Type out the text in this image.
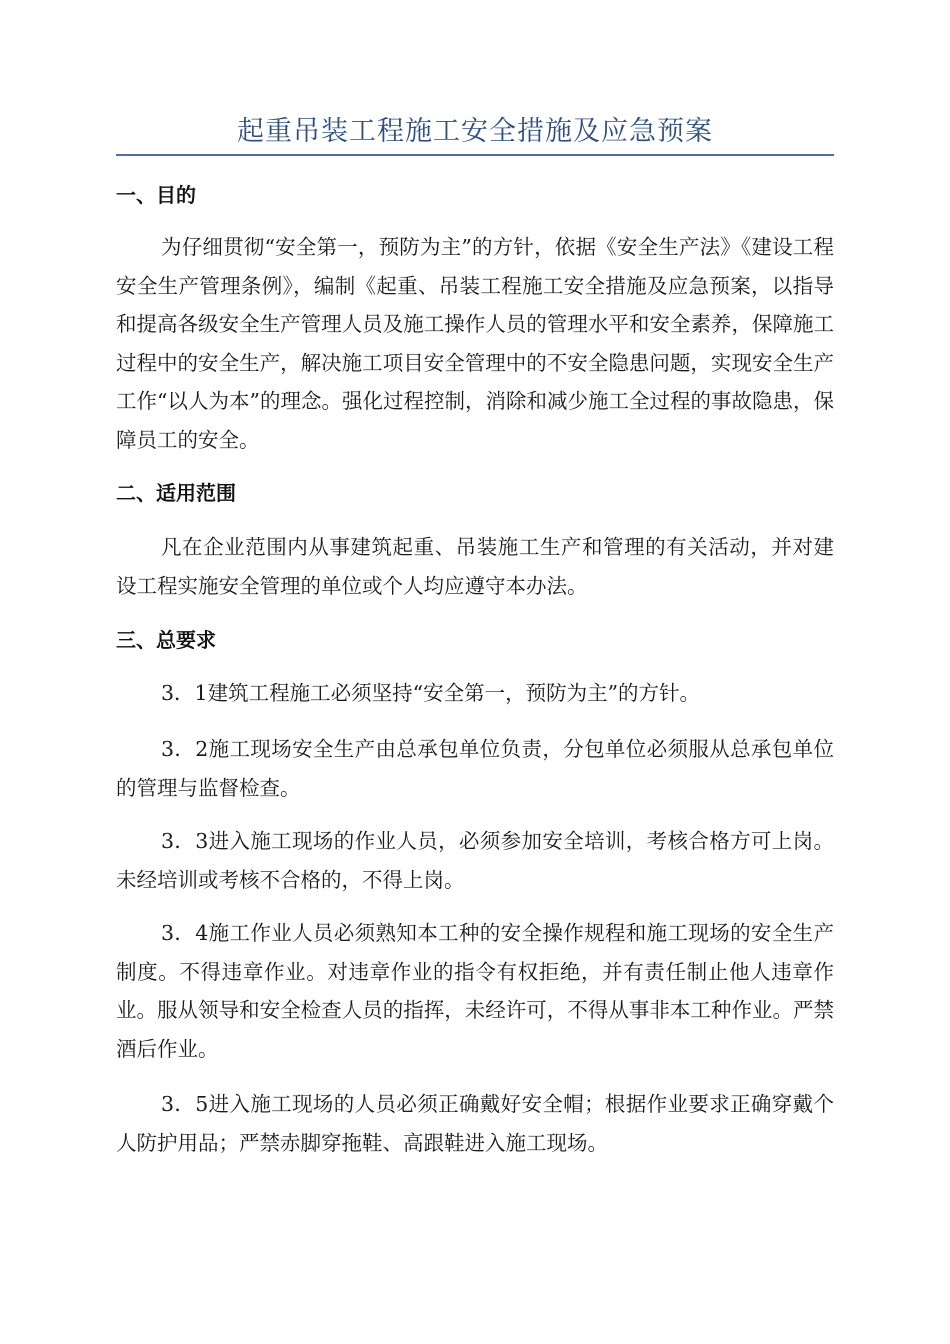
起重吊装工程施工安全措施及应急预案
一、目的

为仔细贯彻“安全第一，预防为主”的方针，依据《安全生产法》《建设工程安全生产管理条例》，编制《起重、吊装工程施工安全措施及应急预案，以指导和提高各级安全生产管理人员及施工操作人员的管理水平和安全素养，保障施工过程中的安全生产，解决施工项目安全管理中的不安全隐患问题，实现安全生产工作“以人为本”的理念。强化过程控制，消除和减少施工全过程的事故隐患，保障员工的安全。

二、适用范围

凡在企业范围内从事建筑起重、吊装施工生产和管理的有关活动，并对建设工程实施安全管理的单位或个人均应遵守本办法。

三、总要求

3．1建筑工程施工必须坚持“安全第一，预防为主”的方针。

3．2施工现场安全生产由总承包单位负责，分包单位必须服从总承包单位的管理与监督检查。

3．3进入施工现场的作业人员，必须参加安全培训，考核合格方可上岗。未经培训或考核不合格的，不得上岗。

3．4施工作业人员必须熟知本工种的安全操作规程和施工现场的安全生产制度。不得违章作业。对违章作业的指令有权拒绝，并有责任制止他人违章作业。服从领导和安全检查人员的指挥，未经许可，不得从事非本工种作业。严禁酒后作业。

3．5进入施工现场的人员必须正确戴好安全帽；根据作业要求正确穿戴个人防护用品；严禁赤脚穿拖鞋、高跟鞋进入施工现场。
